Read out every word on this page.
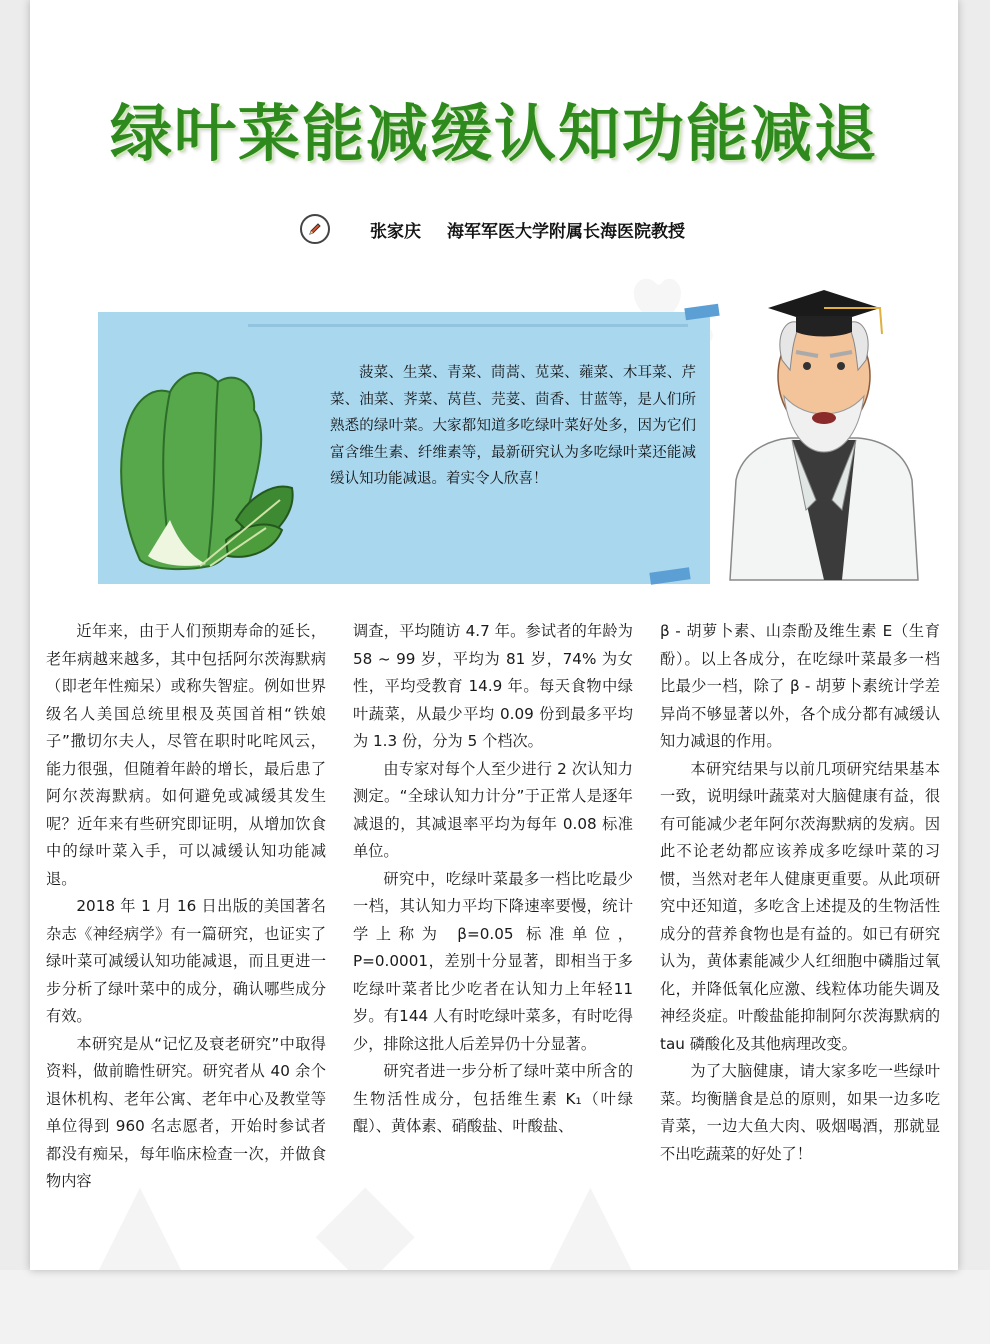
绿叶菜能减缓认知功能减退
张家庆 海军军医大学附属长海医院教授
菠菜、生菜、青菜、茼蒿、苋菜、蕹菜、木耳菜、芹菜、油菜、荠菜、莴苣、芫荽、茴香、甘蓝等，是人们所熟悉的绿叶菜。大家都知道多吃绿叶菜好处多，因为它们富含维生素、纤维素等，最新研究认为多吃绿叶菜还能减缓认知功能减退。着实令人欣喜！

近年来，由于人们预期寿命的延长，老年病越来越多，其中包括阿尔茨海默病（即老年性痴呆）或称失智症。例如世界级名人美国总统里根及英国首相“铁娘子”撒切尔夫人，尽管在职时叱咤风云，能力很强，但随着年龄的增长，最后患了阿尔茨海默病。如何避免或减缓其发生呢？近年来有些研究即证明，从增加饮食中的绿叶菜入手，可以减缓认知功能减退。

2018 年 1 月 16 日出版的美国著名杂志《神经病学》有一篇研究，也证实了绿叶菜可减缓认知功能减退，而且更进一步分析了绿叶菜中的成分，确认哪些成分有效。

本研究是从“记忆及衰老研究”中取得资料，做前瞻性研究。研究者从 40 余个退休机构、老年公寓、老年中心及教堂等单位得到 960 名志愿者，开始时参试者都没有痴呆，每年临床检查一次，并做食物内容

调查，平均随访 4.7 年。参试者的年龄为 58 ~ 99 岁，平均为 81 岁，74% 为女性，平均受教育 14.9 年。每天食物中绿叶蔬菜，从最少平均 0.09 份到最多平均为 1.3 份，分为 5 个档次。

由专家对每个人至少进行 2 次认知力测定。“全球认知力计分”于正常人是逐年减退的，其减退率平均为每年 0.08 标准单位。

研究中，吃绿叶菜最多一档比吃最少一档，其认知力平均下降速率要慢，统计学上称为 β=0.05 标准单位，P=0.0001，差别十分显著，即相当于多吃绿叶菜者比少吃者在认知力上年轻11岁。有144 人有时吃绿叶菜多，有时吃得少，排除这批人后差异仍十分显著。

研究者进一步分析了绿叶菜中所含的生物活性成分，包括维生素 K₁（叶绿醌）、黄体素、硝酸盐、叶酸盐、

β - 胡萝卜素、山柰酚及维生素 E（生育酚）。以上各成分，在吃绿叶菜最多一档比最少一档，除了 β - 胡萝卜素统计学差异尚不够显著以外，各个成分都有减缓认知力减退的作用。

本研究结果与以前几项研究结果基本一致，说明绿叶蔬菜对大脑健康有益，很有可能减少老年阿尔茨海默病的发病。因此不论老幼都应该养成多吃绿叶菜的习惯，当然对老年人健康更重要。从此项研究中还知道，多吃含上述提及的生物活性成分的营养食物也是有益的。如已有研究认为，黄体素能减少人红细胞中磷脂过氧化，并降低氧化应激、线粒体功能失调及神经炎症。叶酸盐能抑制阿尔茨海默病的tau 磷酸化及其他病理改变。

为了大脑健康，请大家多吃一些绿叶菜。均衡膳食是总的原则，如果一边多吃青菜，一边大鱼大肉、吸烟喝酒，那就显不出吃蔬菜的好处了！
